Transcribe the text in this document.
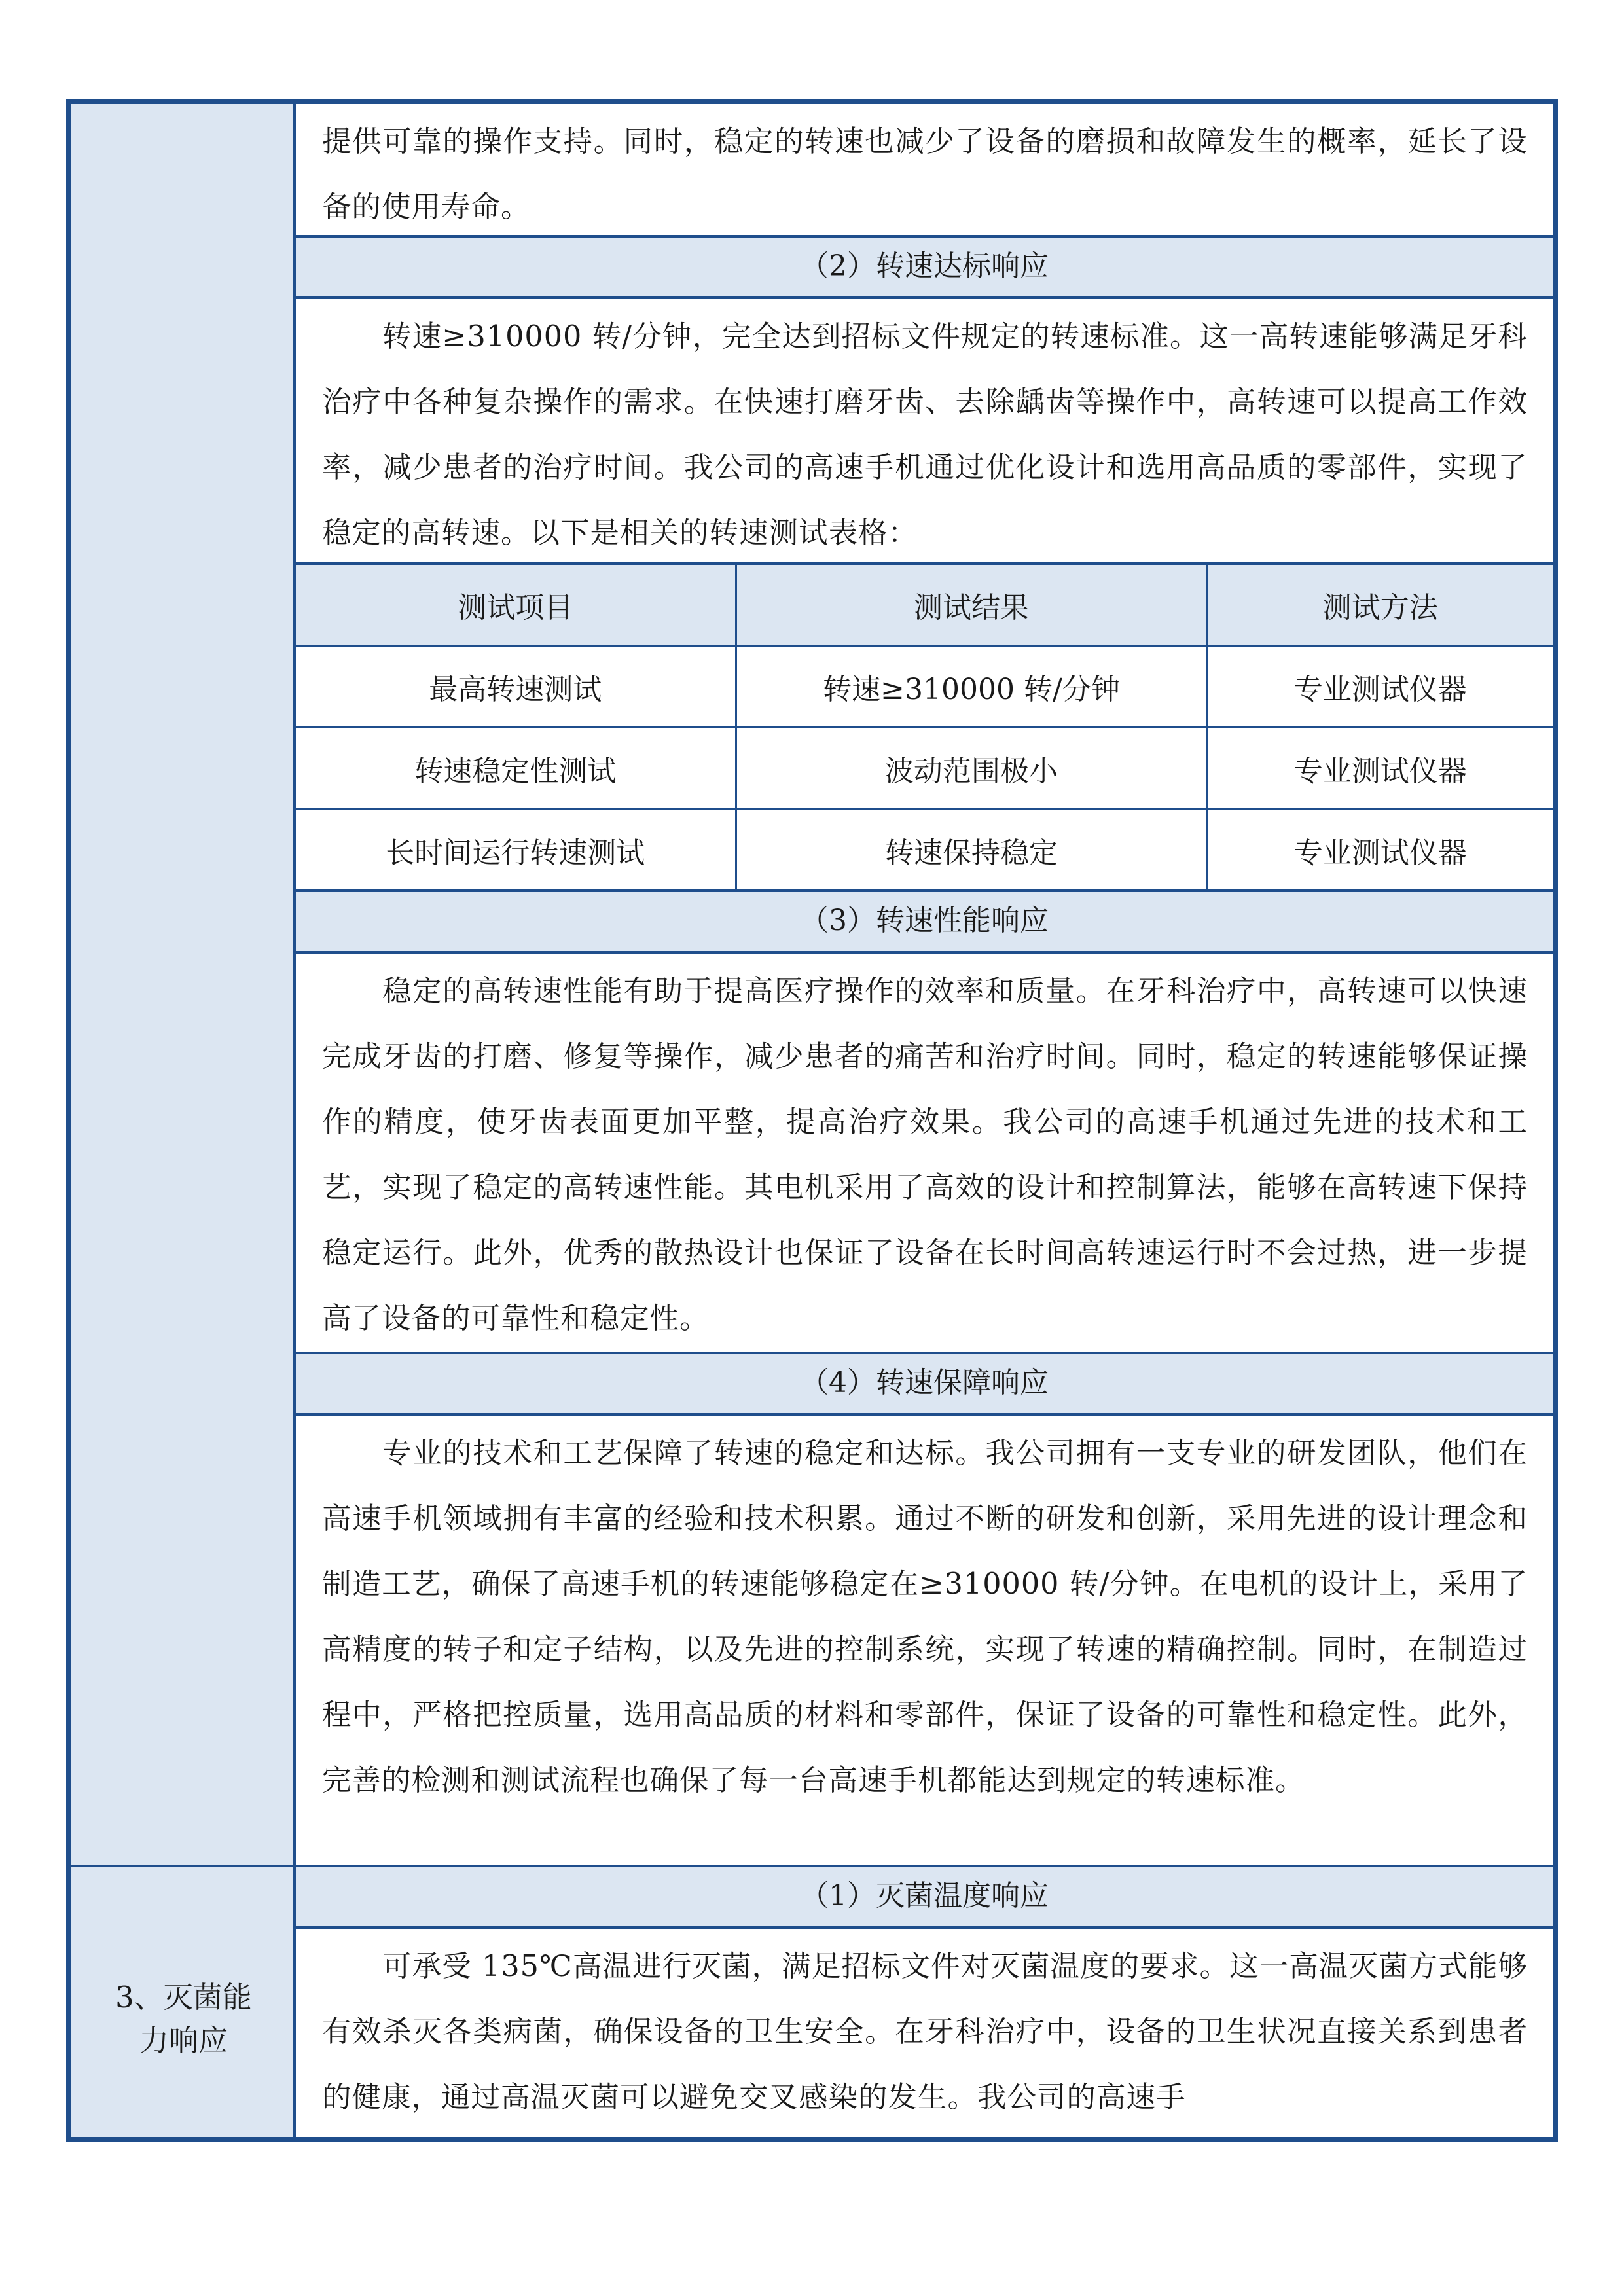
3、灭菌能
力响应
提供可靠的操作支持。同时，稳定的转速也减少了设备的磨损和故障发生的概率，延长了设备的使用寿命。
（2）转速达标响应
转速≥310000 转/分钟，完全达到招标文件规定的转速标准。这一高转速能够满足牙科治疗中各种复杂操作的需求。在快速打磨牙齿、去除龋齿等操作中，高转速可以提高工作效率，减少患者的治疗时间。我公司的高速手机通过优化设计和选用高品质的零部件，实现了稳定的高转速。以下是相关的转速测试表格：
测试项目	测试结果	测试方法
最高转速测试	转速≥310000 转/分钟	专业测试仪器
转速稳定性测试	波动范围极小	专业测试仪器
长时间运行转速测试	转速保持稳定	专业测试仪器
（3）转速性能响应
稳定的高转速性能有助于提高医疗操作的效率和质量。在牙科治疗中，高转速可以快速完成牙齿的打磨、修复等操作，减少患者的痛苦和治疗时间。同时，稳定的转速能够保证操作的精度，使牙齿表面更加平整，提高治疗效果。我公司的高速手机通过先进的技术和工艺，实现了稳定的高转速性能。其电机采用了高效的设计和控制算法，能够在高转速下保持稳定运行。此外，优秀的散热设计也保证了设备在长时间高转速运行时不会过热，进一步提高了设备的可靠性和稳定性。
（4）转速保障响应
专业的技术和工艺保障了转速的稳定和达标。我公司拥有一支专业的研发团队，他们在高速手机领域拥有丰富的经验和技术积累。通过不断的研发和创新，采用先进的设计理念和制造工艺，确保了高速手机的转速能够稳定在≥310000 转/分钟。在电机的设计上，采用了高精度的转子和定子结构，以及先进的控制系统，实现了转速的精确控制。同时，在制造过程中，严格把控质量，选用高品质的材料和零部件，保证了设备的可靠性和稳定性。此外，完善的检测和测试流程也确保了每一台高速手机都能达到规定的转速标准。
（1）灭菌温度响应
可承受 135℃高温进行灭菌，满足招标文件对灭菌温度的要求。这一高温灭菌方式能够有效杀灭各类病菌，确保设备的卫生安全。在牙科治疗中，设备的卫生状况直接关系到患者的健康，通过高温灭菌可以避免交叉感染的发生。我公司的高速手
